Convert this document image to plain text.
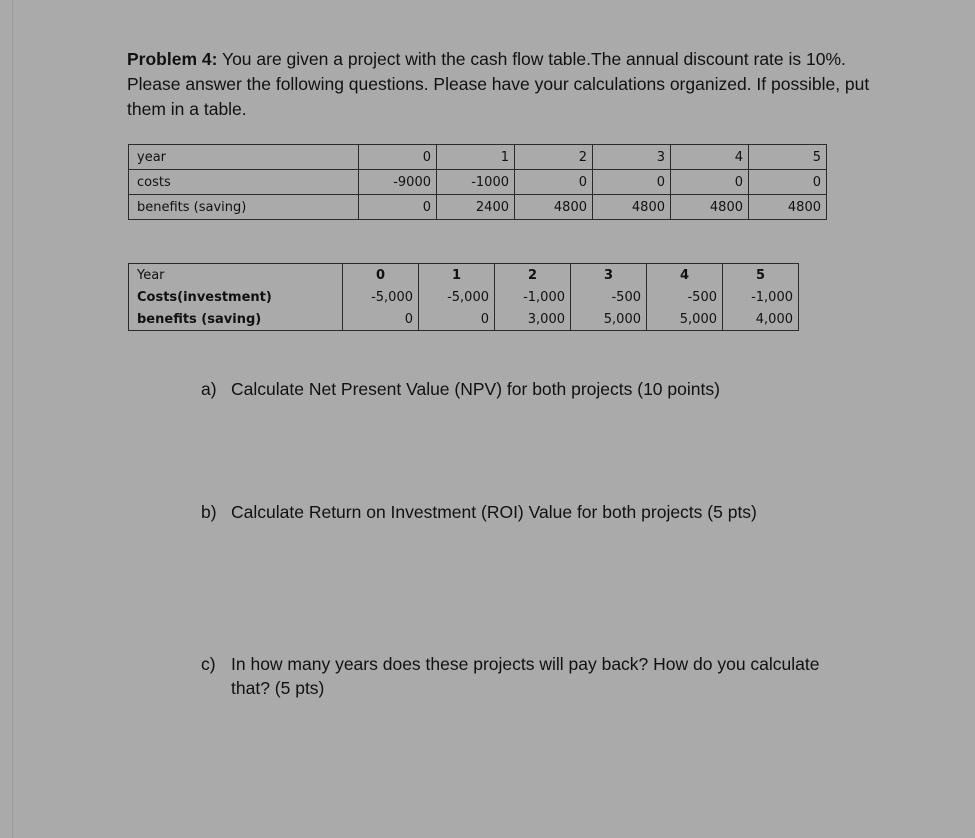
Problem 4: You are given a project with the cash flow table.The annual discount rate is 10%. Please answer the following questions. Please have your calculations organized. If possible, put them in a table.
year	0	1	2	3	4	5
costs	-9000	-1000	0	0	0	0
benefits (saving)	0	2400	4800	4800	4800	4800
Year	0	1	2	3	4	5
Costs(investment)	-5,000	-5,000	-1,000	-500	-500	-1,000
benefits (saving)	0	0	3,000	5,000	5,000	4,000
a) Calculate Net Present Value (NPV) for both projects (10 points)
b) Calculate Return on Investment (ROI) Value for both projects (5 pts)
c) In how many years does these projects will pay back? How do you calculate that? (5 pts)
